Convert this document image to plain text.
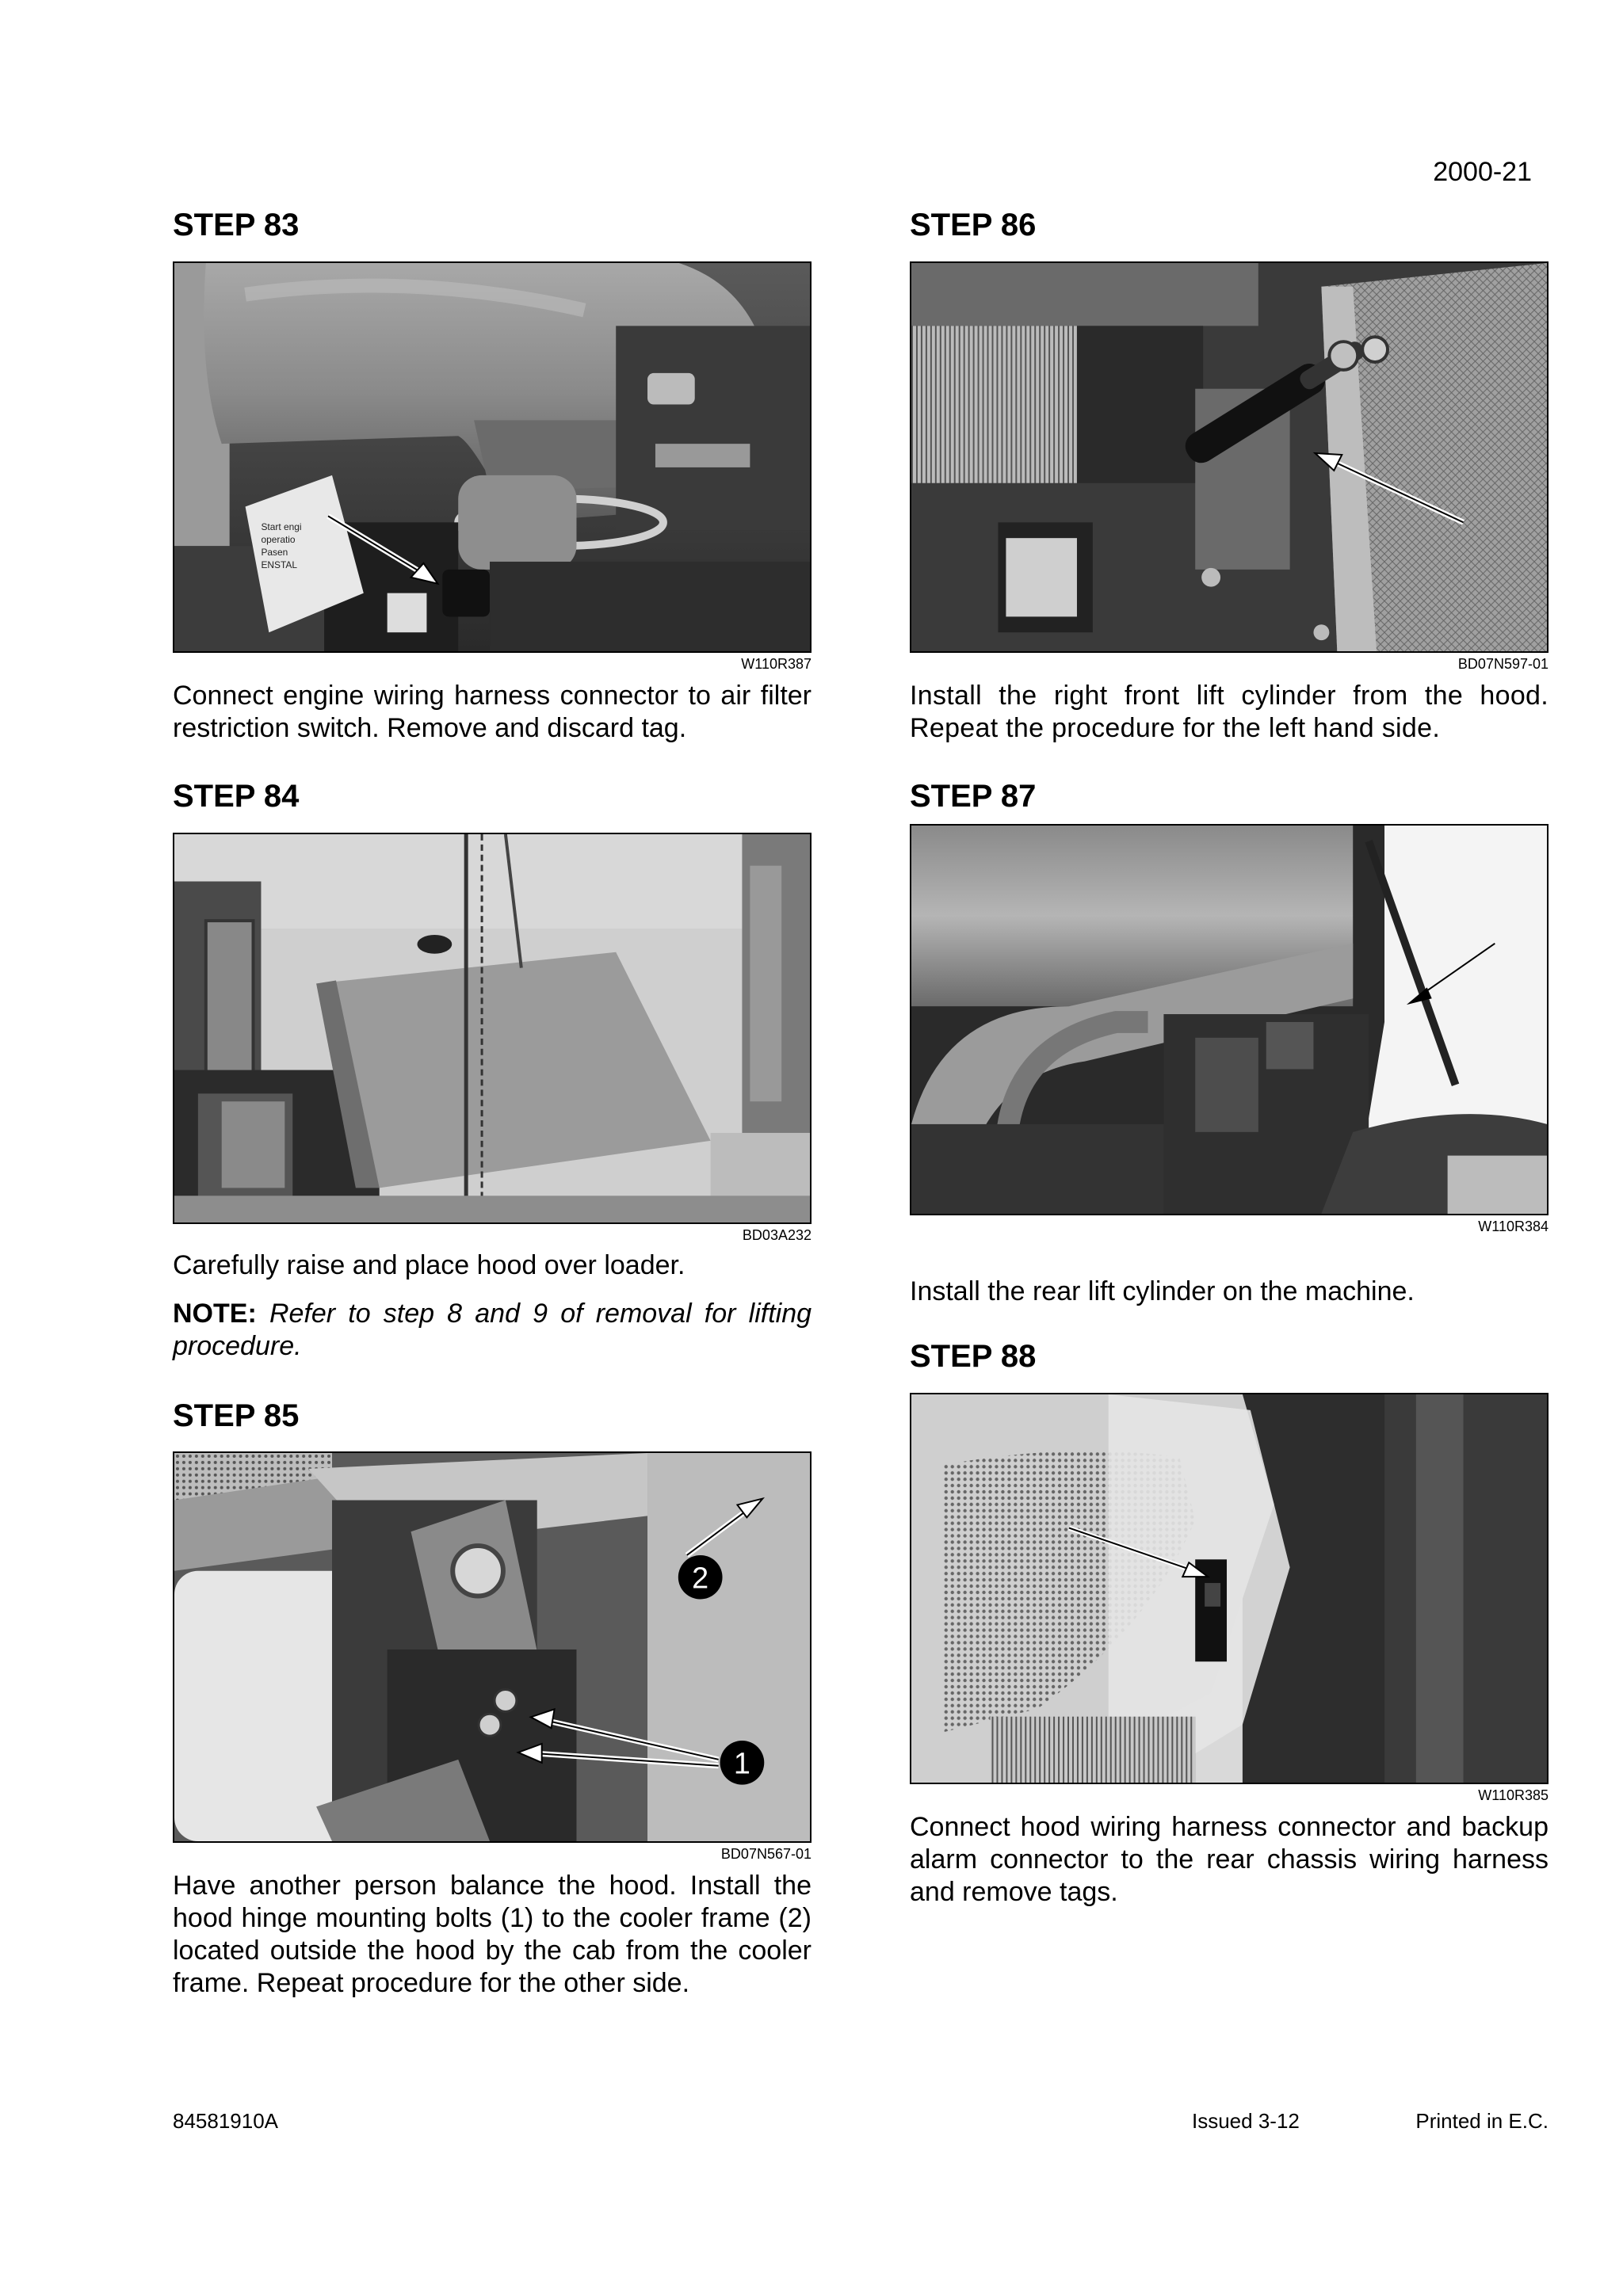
2000-21
STEP 83
Start engi
operatio
Pasen
ENSTAL
W110R387
Connect engine wiring harness connector to air filter restriction switch. Remove and discard tag.
STEP 84
BD03A232
Carefully raise and place hood over loader.
NOTE: Refer to step 8 and 9 of removal for lifting procedure.
STEP 85
2
1
BD07N567-01
Have another person balance the hood. Install the hood hinge mounting bolts (1) to the cooler frame (2) located outside the hood by the cab from the cooler frame. Repeat procedure for the other side.
STEP 86
BD07N597-01
Install the right front lift cylinder from the hood. Repeat the procedure for the left hand side.
STEP 87
W110R384
Install the rear lift cylinder on the machine.
STEP 88
W110R385
Connect hood wiring harness connector and backup alarm connector to the rear chassis wiring harness and remove tags.
84581910A	Issued 3-12	Printed in E.C.
